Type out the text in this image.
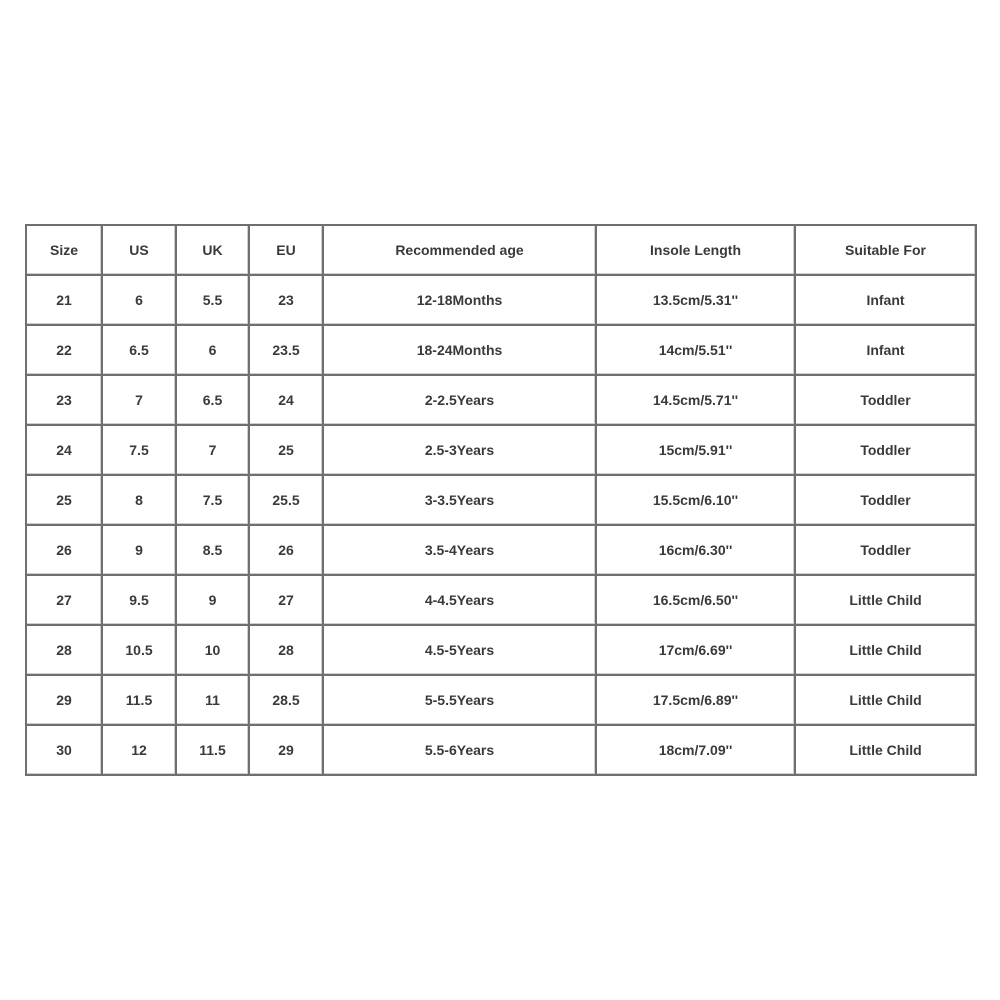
Size	US	UK	EU	Recommended age	Insole Length	Suitable For
21	6	5.5	23	12-18Months	13.5cm/5.31''	Infant
22	6.5	6	23.5	18-24Months	14cm/5.51''	Infant
23	7	6.5	24	2-2.5Years	14.5cm/5.71''	Toddler
24	7.5	7	25	2.5-3Years	15cm/5.91''	Toddler
25	8	7.5	25.5	3-3.5Years	15.5cm/6.10''	Toddler
26	9	8.5	26	3.5-4Years	16cm/6.30''	Toddler
27	9.5	9	27	4-4.5Years	16.5cm/6.50''	Little Child
28	10.5	10	28	4.5-5Years	17cm/6.69''	Little Child
29	11.5	11	28.5	5-5.5Years	17.5cm/6.89''	Little Child
30	12	11.5	29	5.5-6Years	18cm/7.09''	Little Child
